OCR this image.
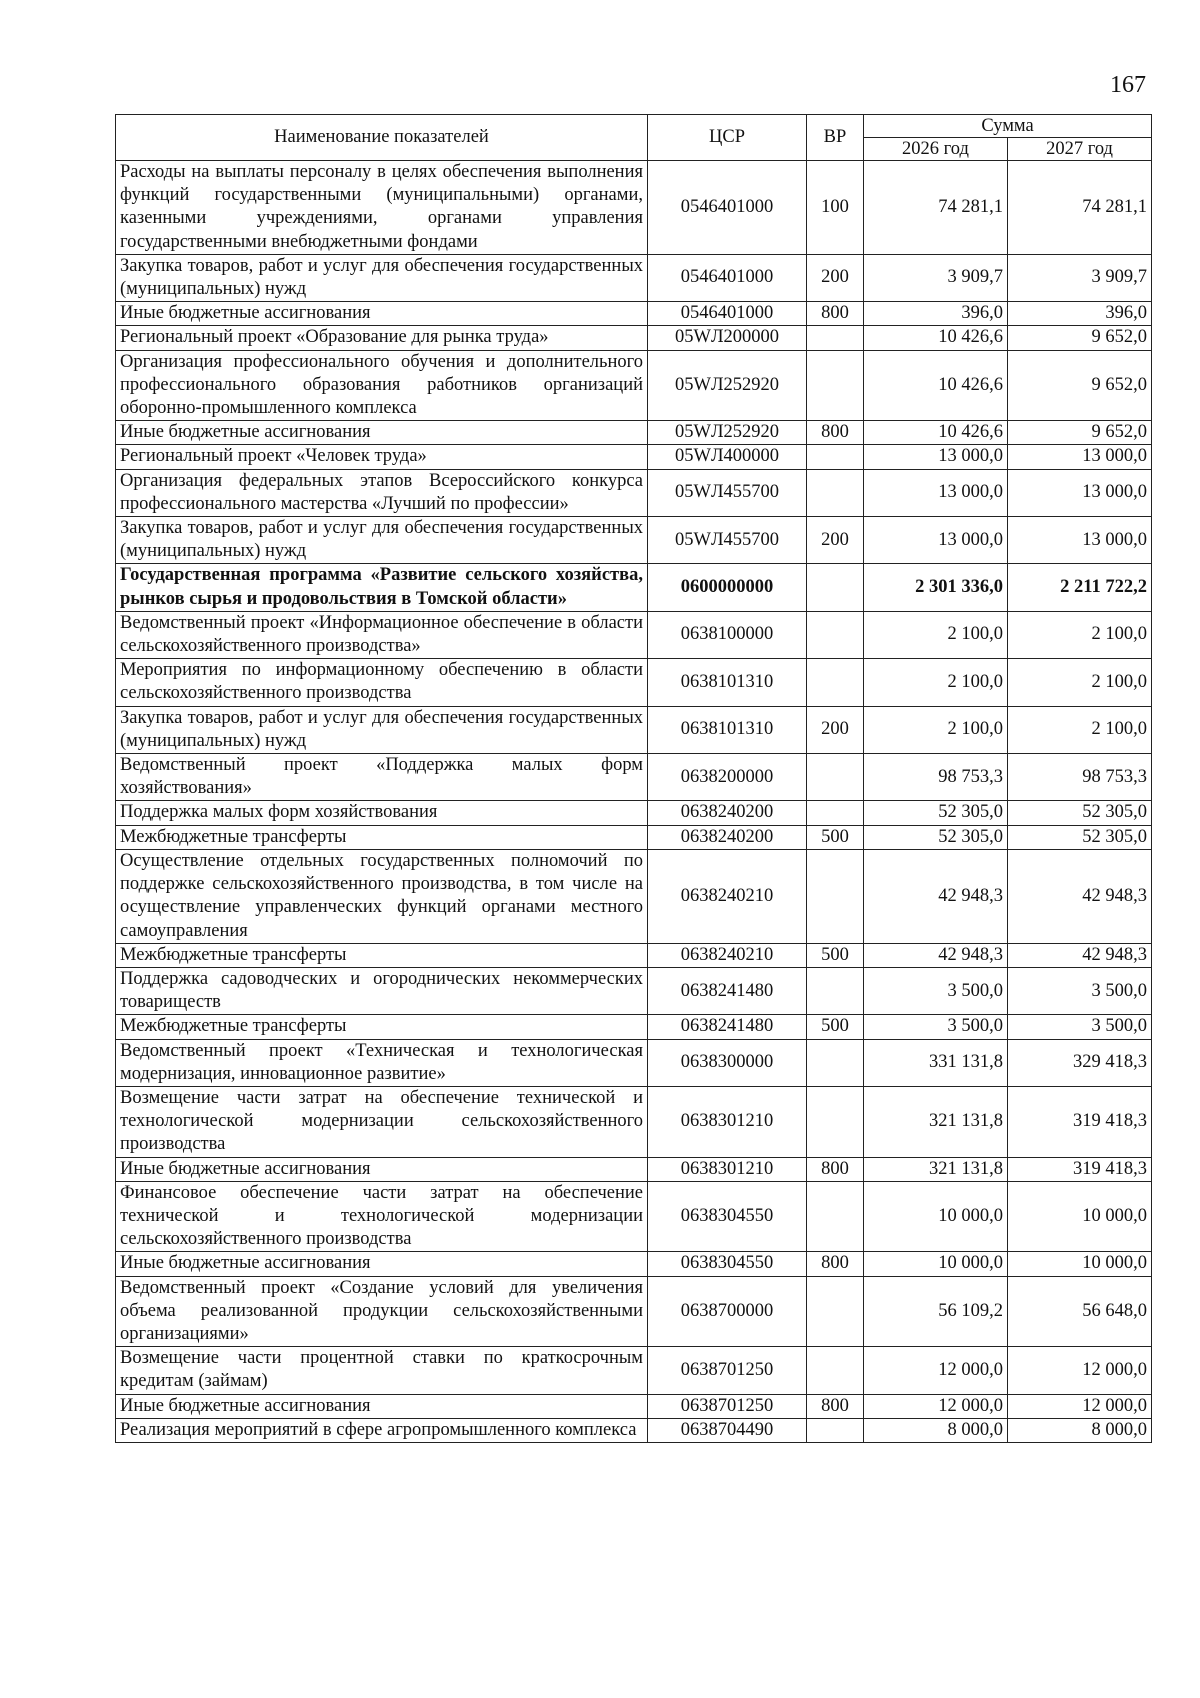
167
Наименование показателей	ЦСР	ВР	Сумма	
			2026 год	2027 год
Расходы на выплаты персоналу в целях обеспечения выполнения функций государственными (муниципальными) органами, казенными учреждениями, органами управления государственными внебюджетными фондами	0546401000	100	74 281,1	74 281,1
Закупка товаров, работ и услуг для обеспечения государственных (муниципальных) нужд	0546401000	200	3 909,7	3 909,7
Иные бюджетные ассигнования	0546401000	800	396,0	396,0
Региональный проект «Образование для рынка труда»	05WЛ200000		10 426,6	9 652,0
Организация профессионального обучения и дополнительного профессионального образования работников организаций оборонно-промышленного комплекса	05WЛ252920		10 426,6	9 652,0
Иные бюджетные ассигнования	05WЛ252920	800	10 426,6	9 652,0
Региональный проект «Человек труда»	05WЛ400000		13 000,0	13 000,0
Организация федеральных этапов Всероссийского конкурса профессионального мастерства «Лучший по профессии»	05WЛ455700		13 000,0	13 000,0
Закупка товаров, работ и услуг для обеспечения государственных (муниципальных) нужд	05WЛ455700	200	13 000,0	13 000,0
Государственная программа «Развитие сельского хозяйства, рынков сырья и продовольствия в Томской области»	0600000000		2 301 336,0	2 211 722,2
Ведомственный проект «Информационное обеспечение в области сельскохозяйственного производства»	0638100000		2 100,0	2 100,0
Мероприятия по информационному обеспечению в области сельскохозяйственного производства	0638101310		2 100,0	2 100,0
Закупка товаров, работ и услуг для обеспечения государственных (муниципальных) нужд	0638101310	200	2 100,0	2 100,0
Ведомственный проект «Поддержка малых форм хозяйствования»	0638200000		98 753,3	98 753,3
Поддержка малых форм хозяйствования	0638240200		52 305,0	52 305,0
Межбюджетные трансферты	0638240200	500	52 305,0	52 305,0
Осуществление отдельных государственных полномочий по поддержке сельскохозяйственного производства, в том числе на осуществление управленческих функций органами местного самоуправления	0638240210		42 948,3	42 948,3
Межбюджетные трансферты	0638240210	500	42 948,3	42 948,3
Поддержка садоводческих и огороднических некоммерческих товариществ	0638241480		3 500,0	3 500,0
Межбюджетные трансферты	0638241480	500	3 500,0	3 500,0
Ведомственный проект «Техническая и технологическая модернизация, инновационное развитие»	0638300000		331 131,8	329 418,3
Возмещение части затрат на обеспечение технической и технологической модернизации сельскохозяйственного производства	0638301210		321 131,8	319 418,3
Иные бюджетные ассигнования	0638301210	800	321 131,8	319 418,3
Финансовое обеспечение части затрат на обеспечение технической и технологической модернизации сельскохозяйственного производства	0638304550		10 000,0	10 000,0
Иные бюджетные ассигнования	0638304550	800	10 000,0	10 000,0
Ведомственный проект «Создание условий для увеличения объема реализованной продукции сельскохозяйственными организациями»	0638700000		56 109,2	56 648,0
Возмещение части процентной ставки по краткосрочным кредитам (займам)	0638701250		12 000,0	12 000,0
Иные бюджетные ассигнования	0638701250	800	12 000,0	12 000,0
Реализация мероприятий в сфере агропромышленного комплекса	0638704490		8 000,0	8 000,0
